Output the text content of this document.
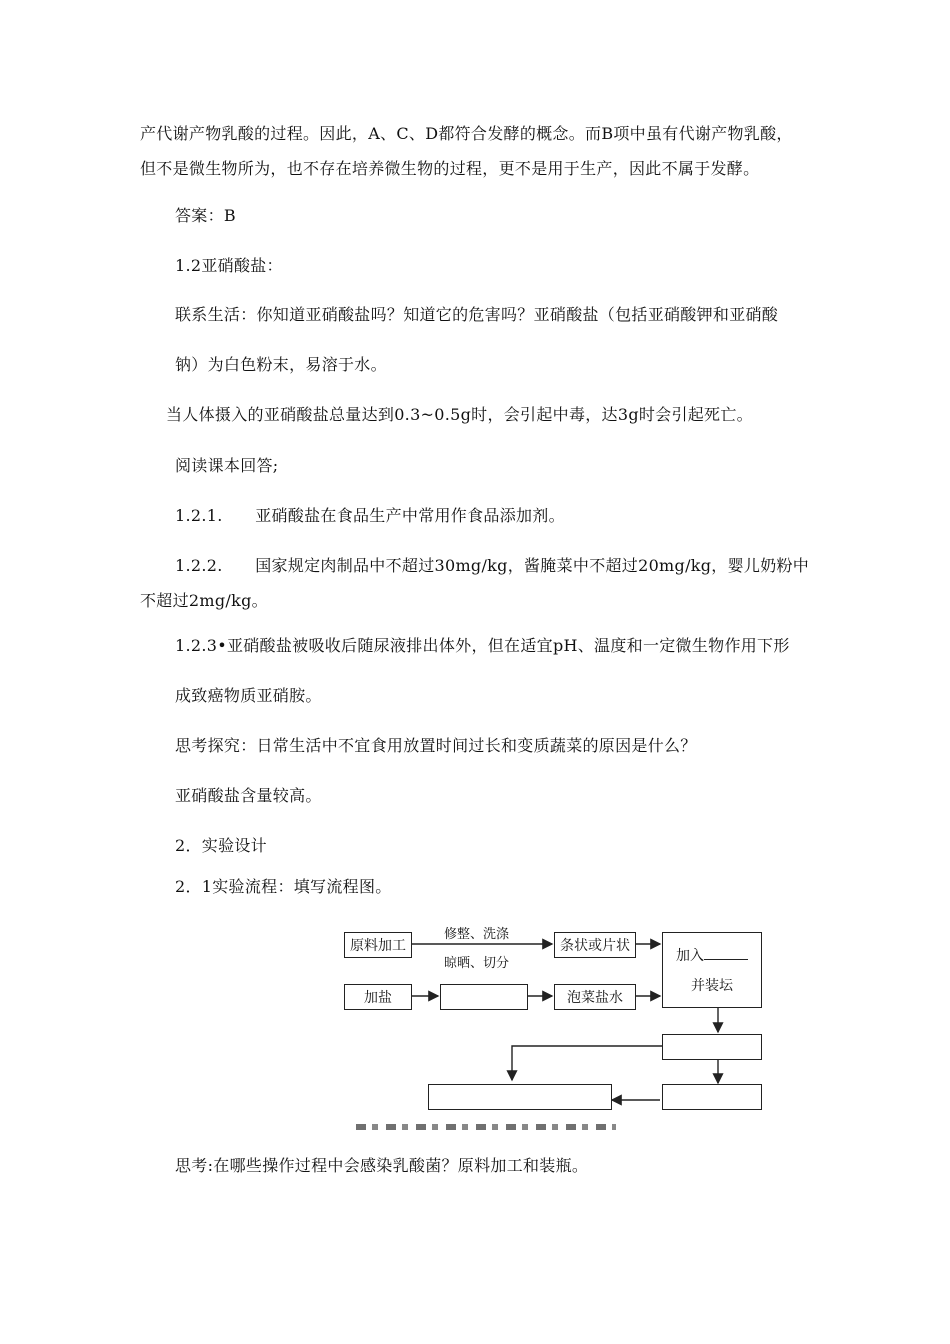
产代谢产物乳酸的过程。因此，A、C、D都符合发酵的概念。而B项中虽有代谢产物乳酸，
但不是微生物所为，也不存在培养微生物的过程，更不是用于生产，因此不属于发酵。
答案：B
1.2亚硝酸盐：
联系生活：你知道亚硝酸盐吗？知道它的危害吗？亚硝酸盐（包括亚硝酸钾和亚硝酸
钠）为白色粉末，易溶于水。
当人体摄入的亚硝酸盐总量达到0.3~0.5g时，会引起中毒，达3g时会引起死亡。
阅读课本回答;
1.2.1.　　亚硝酸盐在食品生产中常用作食品添加剂。
1.2.2.　　国家规定肉制品中不超过30mg/kg，酱腌菜中不超过20mg/kg，婴儿奶粉中
不超过2mg/kg。
1.2.3•亚硝酸盐被吸收后随尿液排出体外，但在适宜pH、温度和一定微生物作用下形
成致癌物质亚硝胺。
思考探究：日常生活中不宜食用放置时间过长和变质蔬菜的原因是什么？
亚硝酸盐含量较高。
2．实验设计
2．1实验流程：填写流程图。
原料加工
修整、洗涤
晾晒、切分
条状或片状
加入
并装坛
加盐	泡菜盐水
思考:在哪些操作过程中会感染乳酸菌？原料加工和装瓶。
